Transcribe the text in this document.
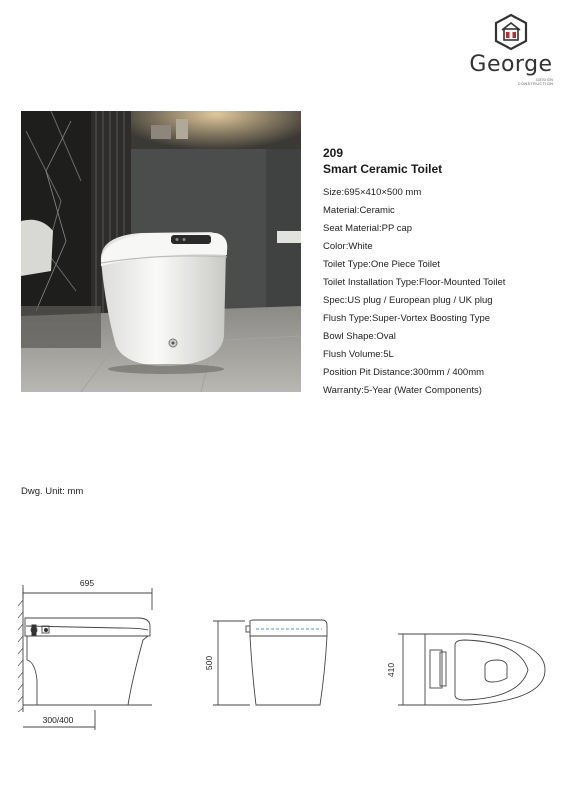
George
DESIGN
CONSTRUCTION
209
Smart Ceramic Toilet
Size:695×410×500 mm
Material:Ceramic
Seat Material:PP cap
Color:White
Toilet Type:One Piece Toilet
Toilet Installation Type:Floor-Mounted Toilet
Spec:US plug / European plug / UK plug
Flush Type:Super-Vortex Boosting Type
Bowl Shape:Oval
Flush Volume:5L
Position Pit Distance:300mm / 400mm
Warranty:5-Year (Water Components)
Dwg. Unit: mm
695
300/400
500	410
